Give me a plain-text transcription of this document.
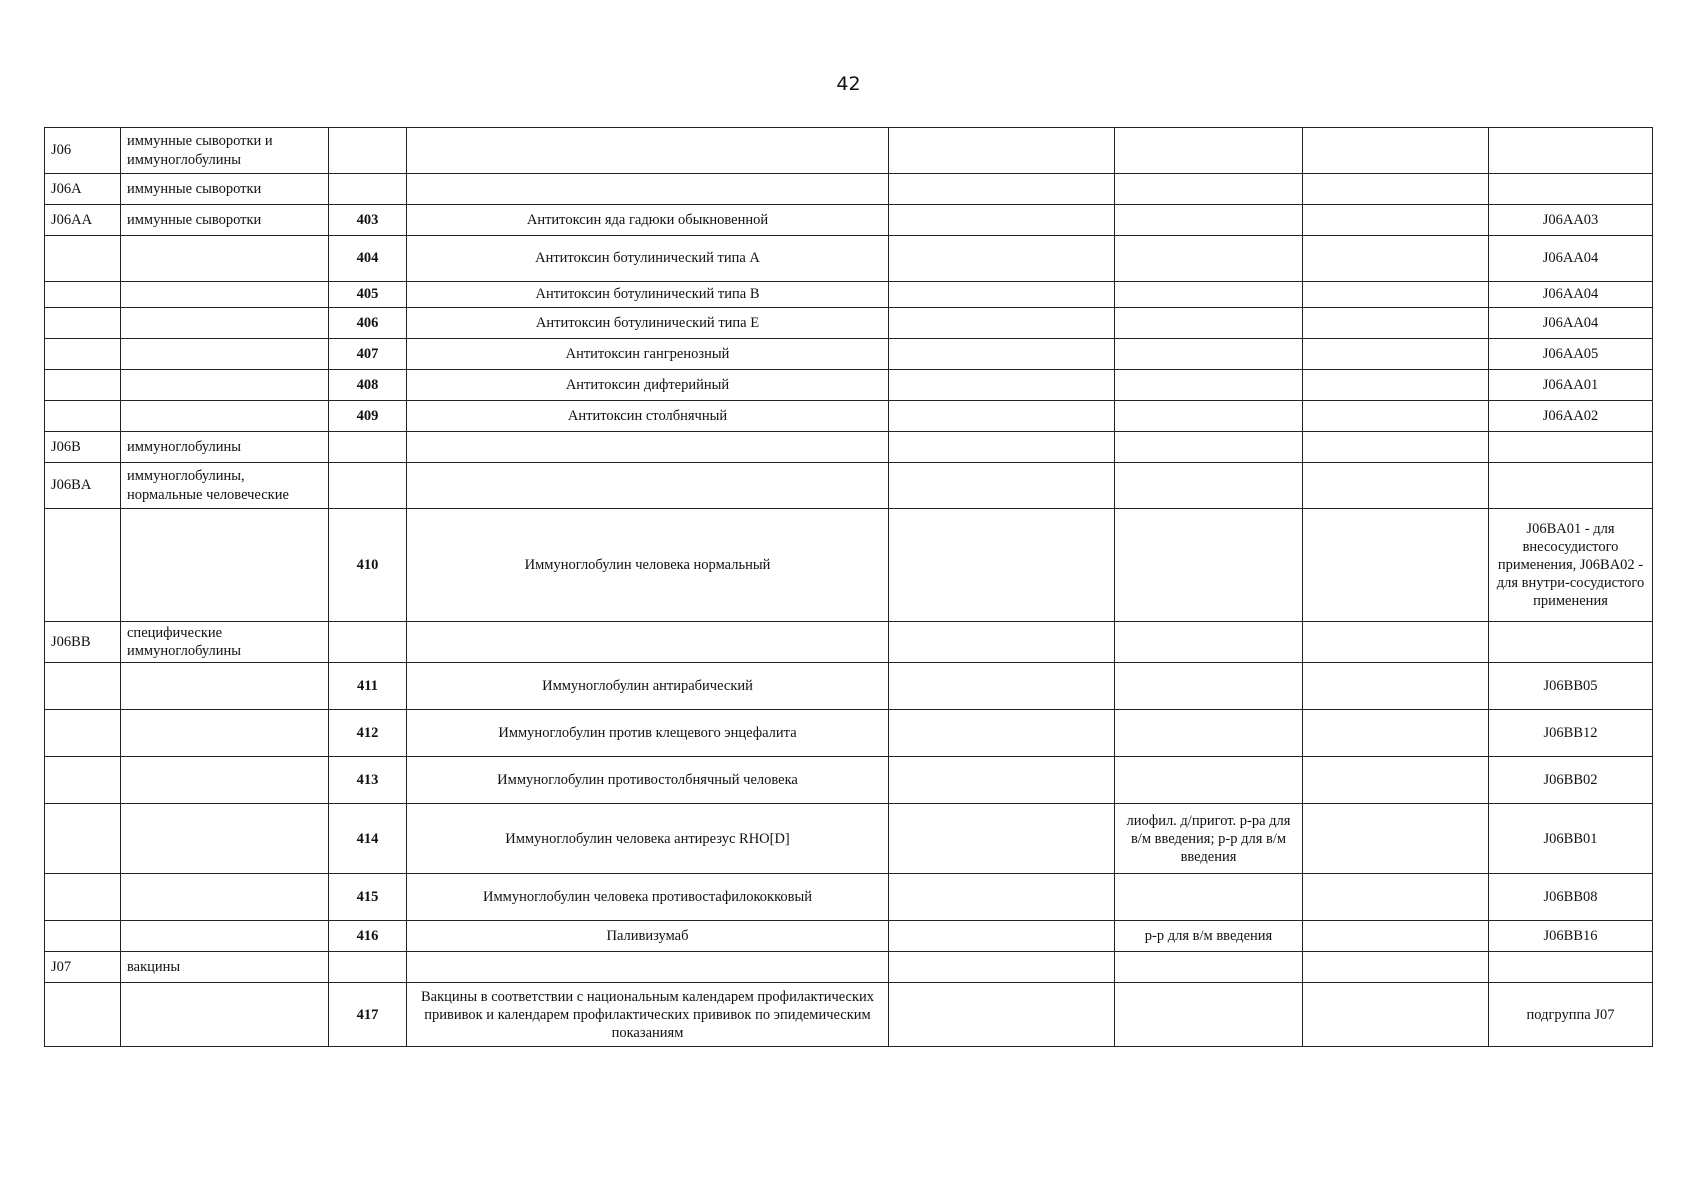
42
J06	иммунные сыворотки и иммуноглобулины						
J06A	иммунные сыворотки						
J06AA	иммунные сыворотки	403	Антитоксин яда гадюки обыкновенной				J06AA03
		404	Антитоксин ботулинический типа А				J06AA04
		405	Антитоксин ботулинический типа В				J06AA04
		406	Антитоксин ботулинический типа Е				J06AA04
		407	Антитоксин гангренозный				J06AA05
		408	Антитоксин дифтерийный				J06AA01
		409	Антитоксин столбнячный				J06AA02
J06B	иммуноглобулины						
J06BA	иммуноглобулины, нормальные человеческие						
		410	Иммуноглобулин человека нормальный				J06BA01 - для внесосудистого применения, J06BA02 - для внутри-сосудистого применения
J06BB	специфические иммуноглобулины						
		411	Иммуноглобулин антирабический				J06BB05
		412	Иммуноглобулин против клещевого энцефалита				J06BB12
		413	Иммуноглобулин противостолбнячный человека				J06BB02
		414	Иммуноглобулин человека антирезус RHO[D]		лиофил. д/пригот. р-ра для в/м введения; р-р для в/м введения		J06BB01
		415	Иммуноглобулин человека противостафилококковый				J06BB08
		416	Паливизумаб		р-р для в/м введения		J06BB16
J07	вакцины						
		417	Вакцины в соответствии с национальным календарем профилактических прививок и календарем профилактических прививок по эпидемическим показаниям				подгруппа J07
